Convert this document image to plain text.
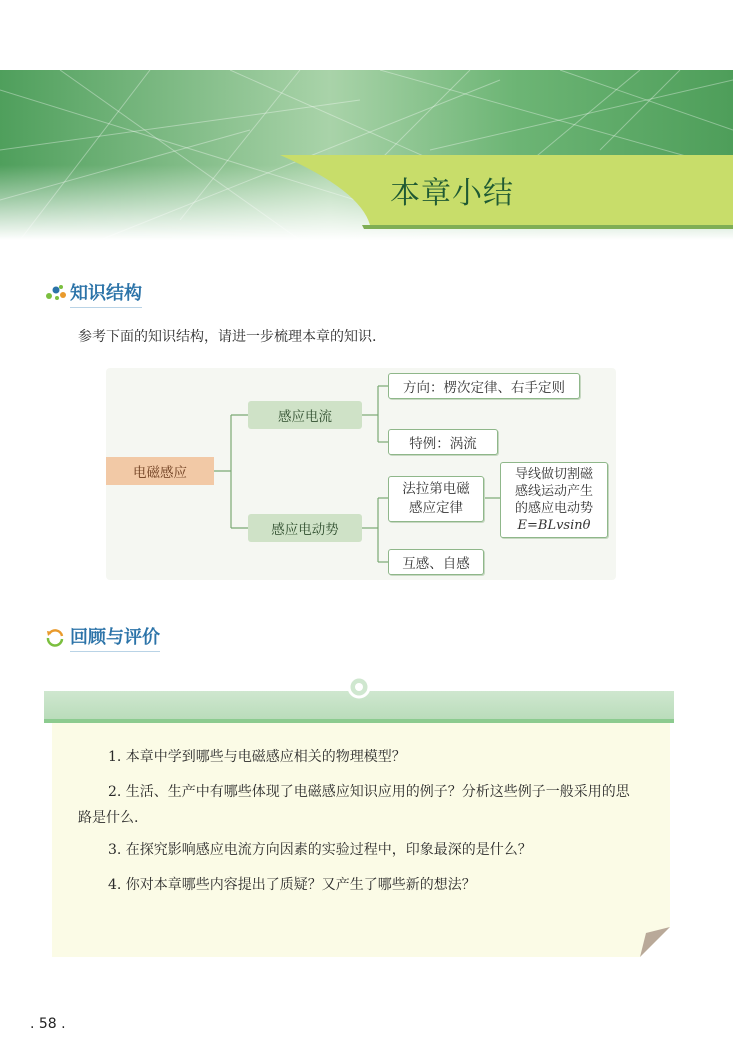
本章小结
知识结构
参考下面的知识结构，请进一步梳理本章的知识.
电磁感应
感应电流
方向：楞次定律、右手定则
特例：涡流
感应电动势
法拉第电磁
感应定律
导线做切割磁
感线运动产生
的感应电动势
E=BLvsinθ
互感、自感
回顾与评价
1. 本章中学到哪些与电磁感应相关的物理模型？
2. 生活、生产中有哪些体现了电磁感应知识应用的例子？分析这些例子一般采用的思路是什么.
3. 在探究影响感应电流方向因素的实验过程中，印象最深的是什么？
4. 你对本章哪些内容提出了质疑？又产生了哪些新的想法？
. 58 .
